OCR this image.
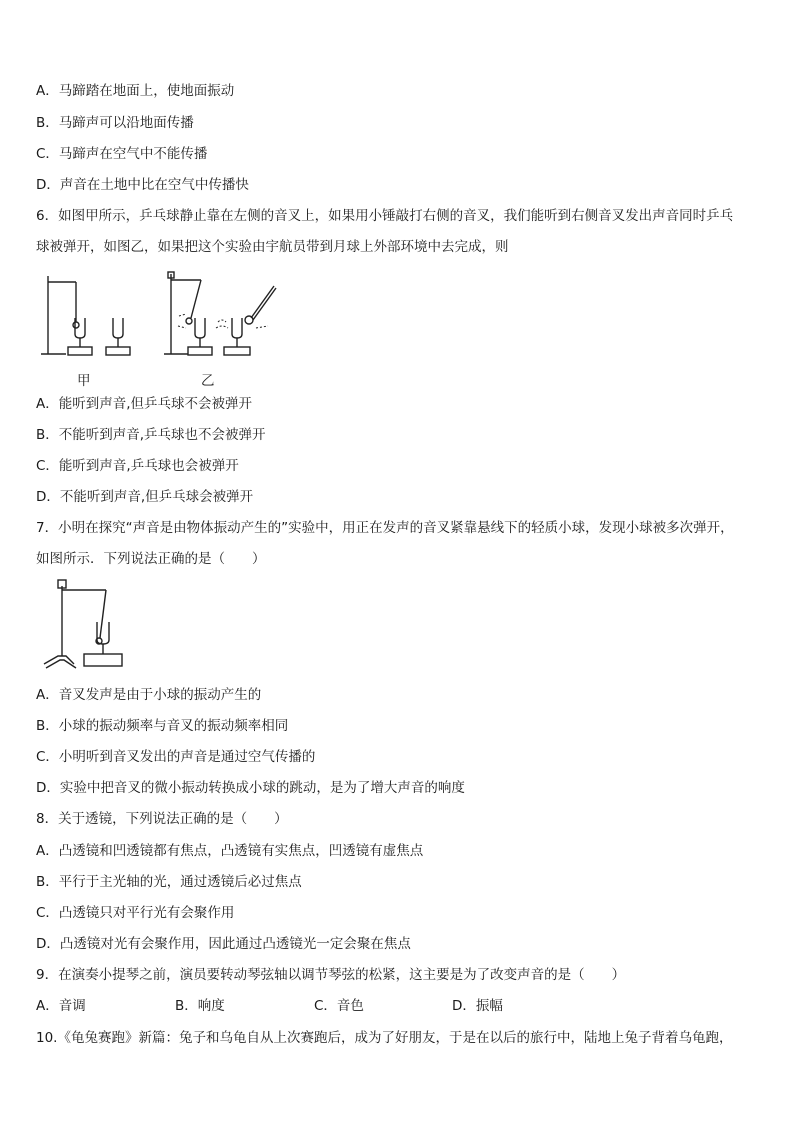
A．马蹄踏在地面上，使地面振动
B．马蹄声可以沿地面传播
C．马蹄声在空气中不能传播
D．声音在土地中比在空气中传播快
6．如图甲所示，乒乓球静止靠在左侧的音叉上，如果用小锤敲打右侧的音叉，我们能听到右侧音叉发出声音同时乒乓
球被弹开，如图乙，如果把这个实验由宇航员带到月球上外部环境中去完成，则
甲	乙
A．能听到声音,但乒乓球不会被弹开
B．不能听到声音,乒乓球也不会被弹开
C．能听到声音,乒乓球也会被弹开
D．不能听到声音,但乒乓球会被弹开
7．小明在探究“声音是由物体振动产生的”实验中，用正在发声的音叉紧靠悬线下的轻质小球，发现小球被多次弹开，
如图所示．下列说法正确的是（　　）
A．音叉发声是由于小球的振动产生的
B．小球的振动频率与音叉的振动频率相同
C．小明听到音叉发出的声音是通过空气传播的
D．实验中把音叉的微小振动转换成小球的跳动，是为了增大声音的响度
8．关于透镜，下列说法正确的是（　　）
A．凸透镜和凹透镜都有焦点，凸透镜有实焦点，凹透镜有虚焦点
B．平行于主光轴的光，通过透镜后必过焦点
C．凸透镜只对平行光有会聚作用
D．凸透镜对光有会聚作用，因此通过凸透镜光一定会聚在焦点
9．在演奏小提琴之前，演员要转动琴弦轴以调节琴弦的松紧，这主要是为了改变声音的是（　　）
A．音调	B．响度	C．音色	D．振幅
10.《龟兔赛跑》新篇：兔子和乌龟自从上次赛跑后，成为了好朋友，于是在以后的旅行中，陆地上兔子背着乌龟跑，
